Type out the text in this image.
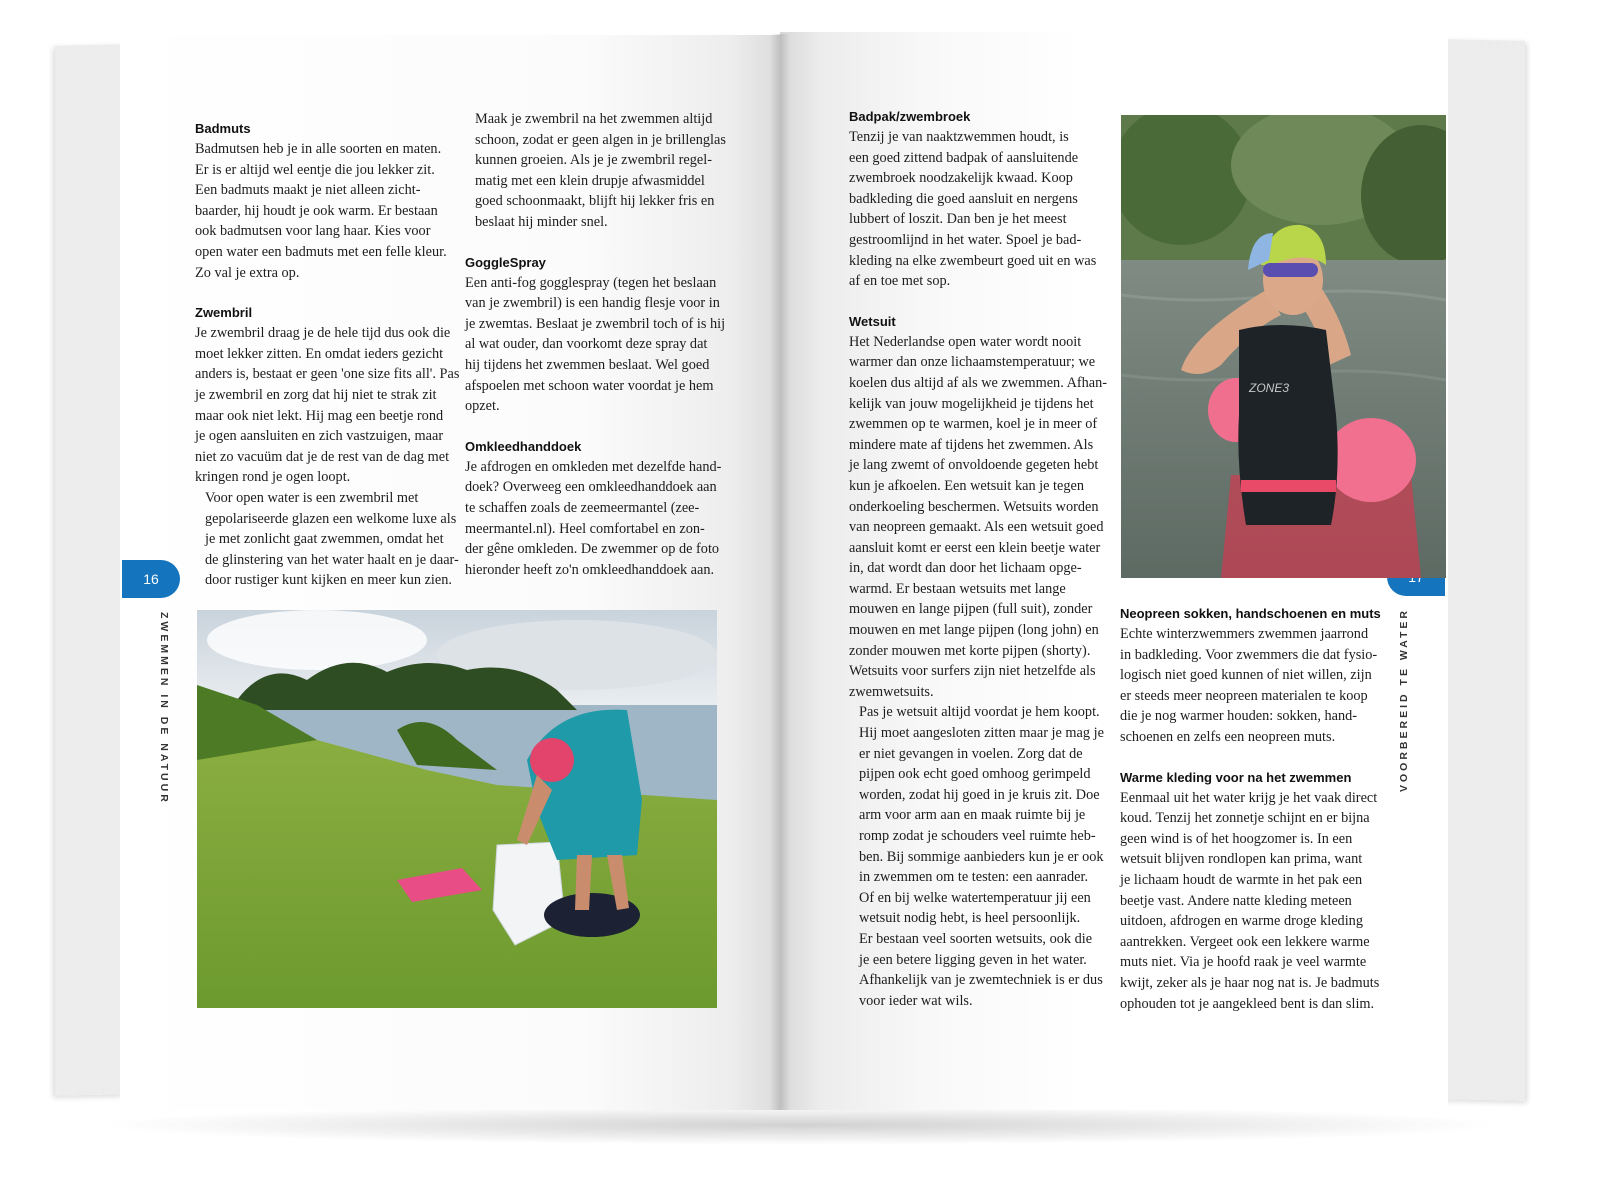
16
ZWEMMEN IN DE NATUUR
Badmuts

Badmutsen heb je in alle soorten en maten.
Er is er altijd wel eentje die jou lekker zit.
Een badmuts maakt je niet alleen zicht-
baarder, hij houdt je ook warm. Er bestaan
ook badmutsen voor lang haar. Kies voor
open water een badmuts met een felle kleur.
Zo val je extra op.

Zwembril

Je zwembril draag je de hele tijd dus ook die
moet lekker zitten. En omdat ieders gezicht
anders is, bestaat er geen 'one size fits all'. Pas
je zwembril en zorg dat hij niet te strak zit
maar ook niet lekt. Hij mag een beetje rond
je ogen aansluiten en zich vastzuigen, maar
niet zo vacuüm dat je de rest van de dag met
kringen rond je ogen loopt.

Voor open water is een zwembril met
gepolariseerde glazen een welkome luxe als
je met zonlicht gaat zwemmen, omdat het
de glinstering van het water haalt en je daar-
door rustiger kunt kijken en meer kun zien.

Maak je zwembril na het zwemmen altijd
schoon, zodat er geen algen in je brillenglas
kunnen groeien. Als je je zwembril regel-
matig met een klein drupje afwasmiddel
goed schoonmaakt, blijft hij lekker fris en
beslaat hij minder snel.

GoggleSpray

Een anti-fog gogglespray (tegen het beslaan
van je zwembril) is een handig flesje voor in
je zwemtas. Beslaat je zwembril toch of is hij
al wat ouder, dan voorkomt deze spray dat
hij tijdens het zwemmen beslaat. Wel goed
afspoelen met schoon water voordat je hem
opzet.

Omkleedhanddoek

Je afdrogen en omkleden met dezelfde hand-
doek? Overweeg een omkleedhanddoek aan
te schaffen zoals de zeemeermantel (zee-
meermantel.nl). Heel comfortabel en zon-
der gêne omkleden. De zwemmer op de foto
hieronder heeft zo'n omkleedhanddoek aan.

VOORBEREID TE WATER
Badpak/zwembroek

Tenzij je van naaktzwemmen houdt, is
een goed zittend badpak of aansluitende
zwembroek noodzakelijk kwaad. Koop
badkleding die goed aansluit en nergens
lubbert of loszit. Dan ben je het meest
gestroomlijnd in het water. Spoel je bad-
kleding na elke zwembeurt goed uit en was
af en toe met sop.

Wetsuit

Het Nederlandse open water wordt nooit
warmer dan onze lichaamstemperatuur; we
koelen dus altijd af als we zwemmen. Afhan-
kelijk van jouw mogelijkheid je tijdens het
zwemmen op te warmen, koel je in meer of
mindere mate af tijdens het zwemmen. Als
je lang zwemt of onvoldoende gegeten hebt
kun je afkoelen. Een wetsuit kan je tegen
onderkoeling beschermen. Wetsuits worden
van neopreen gemaakt. Als een wetsuit goed
aansluit komt er eerst een klein beetje water
in, dat wordt dan door het lichaam opge-
warmd. Er bestaan wetsuits met lange
mouwen en lange pijpen (full suit), zonder
mouwen en met lange pijpen (long john) en
zonder mouwen met korte pijpen (shorty).
Wetsuits voor surfers zijn niet hetzelfde als
zwemwetsuits.

Pas je wetsuit altijd voordat je hem koopt.
Hij moet aangesloten zitten maar je mag je
er niet gevangen in voelen. Zorg dat de
pijpen ook echt goed omhoog gerimpeld
worden, zodat hij goed in je kruis zit. Doe
arm voor arm aan en maak ruimte bij je
romp zodat je schouders veel ruimte heb-
ben. Bij sommige aanbieders kun je er ook
in zwemmen om te testen: een aanrader.
Of en bij welke watertemperatuur jij een
wetsuit nodig hebt, is heel persoonlijk.
Er bestaan veel soorten wetsuits, ook die
je een betere ligging geven in het water.
Afhankelijk van je zwemtechniek is er dus
voor ieder wat wils.

Neopreen sokken, handschoenen en muts

Echte winterzwemmers zwemmen jaarrond
in badkleding. Voor zwemmers die dat fysio-
logisch niet goed kunnen of niet willen, zijn
er steeds meer neopreen materialen te koop
die je nog warmer houden: sokken, hand-
schoenen en zelfs een neopreen muts.

Warme kleding voor na het zwemmen

Eenmaal uit het water krijg je het vaak direct
koud. Tenzij het zonnetje schijnt en er bijna
geen wind is of het hoogzomer is. In een
wetsuit blijven rondlopen kan prima, want
je lichaam houdt de warmte in het pak een
beetje vast. Andere natte kleding meteen
uitdoen, afdrogen en warme droge kleding
aantrekken. Vergeet ook een lekkere warme
muts niet. Via je hoofd raak je veel warmte
kwijt, zeker als je haar nog nat is. Je badmuts
ophouden tot je aangekleed bent is dan slim.

ZONE3
